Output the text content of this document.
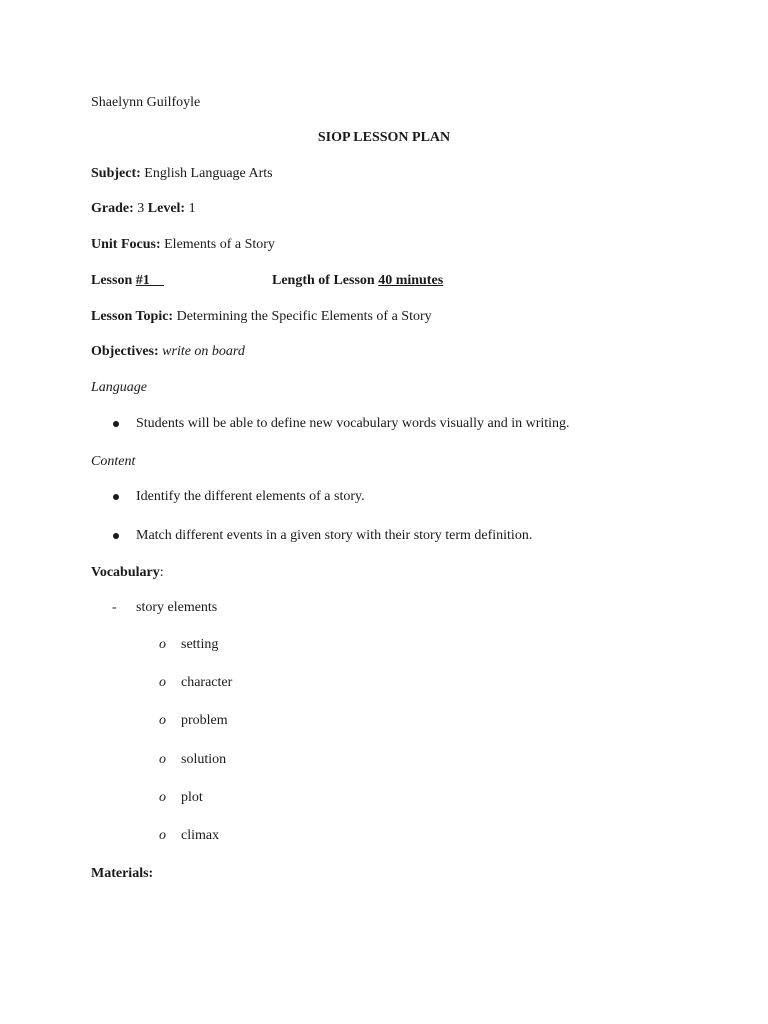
Shaelynn Guilfoyle
SIOP LESSON PLAN
Subject: English Language Arts
Grade: 3 Level: 1
Unit Focus: Elements of a Story
Lesson #1__	Length of Lesson 40 minutes
Lesson Topic: Determining the Specific Elements of a Story
Objectives: write on board
Language
Students will be able to define new vocabulary words visually and in writing.
Content
Identify the different elements of a story.
Match different events in a given story with their story term definition.
Vocabulary:
- story elements
o setting
o character
o problem
o solution
o plot
o climax
Materials:
